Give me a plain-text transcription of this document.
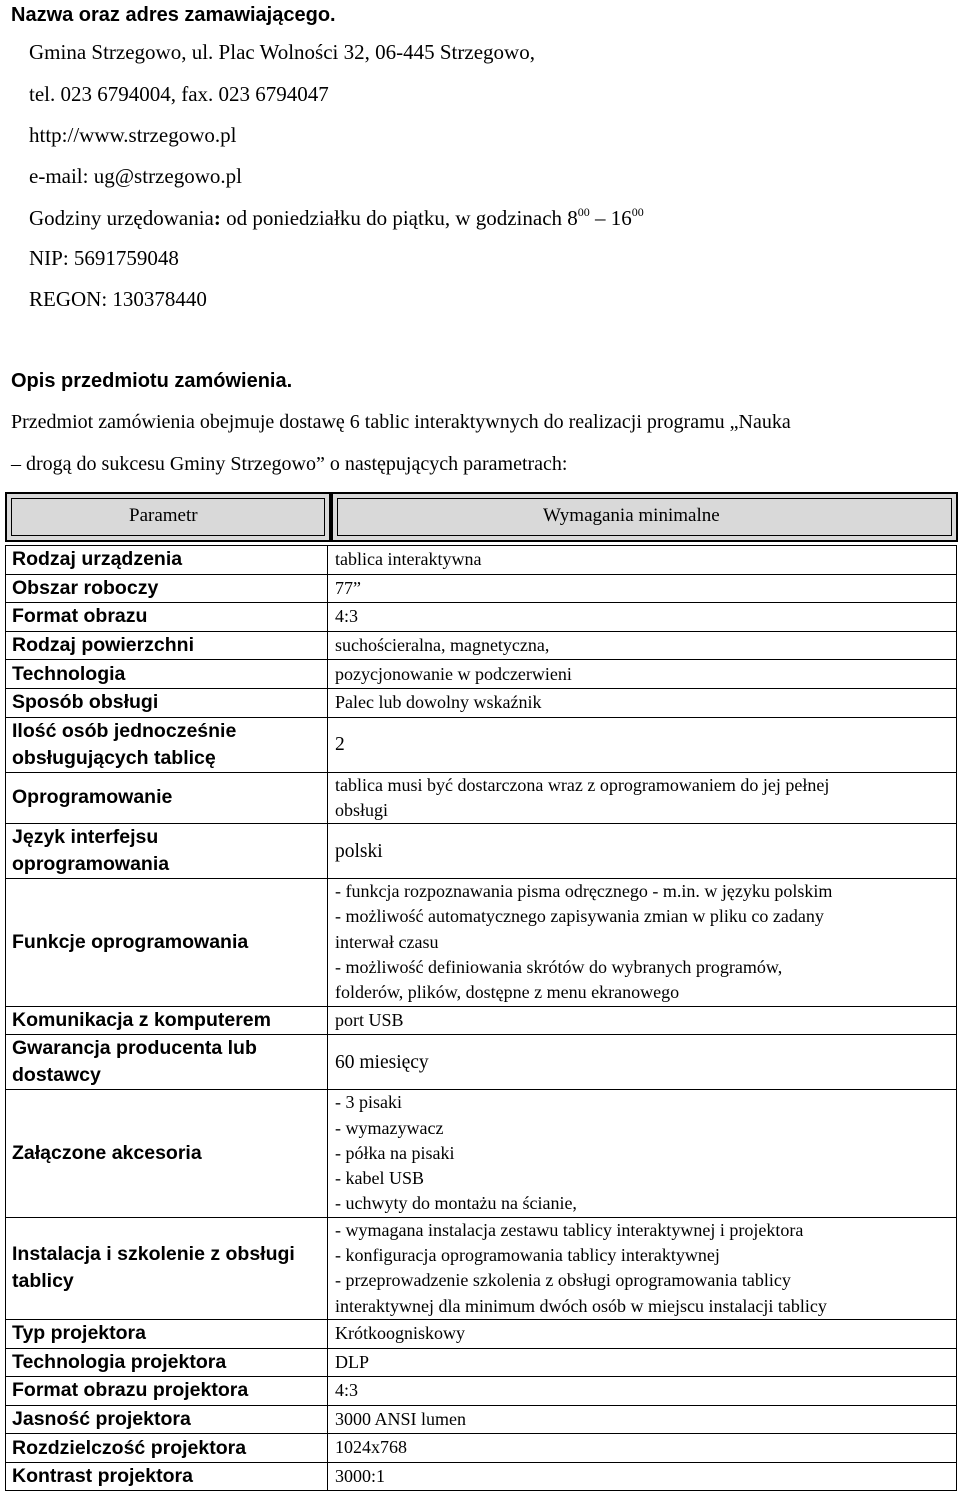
Nazwa oraz adres zamawiającego.
Gmina Strzegowo, ul. Plac Wolności 32, 06-445 Strzegowo,
tel. 023 6794004, fax. 023 6794047
http://www.strzegowo.pl
e-mail: ug@strzegowo.pl
Godziny urzędowania: od poniedziałku do piątku, w godzinach $8^{00} - 16^{00}$
NIP: 5691759048
REGON: 130378440
Opis przedmiotu zamówienia.
Przedmiot zamówienia obejmuje dostawę 6 tablic interaktywnych do realizacji programu „Nauka
– drogą do sukcesu Gminy Strzegowo” o następujących parametrach:
Parametr	Wymagania minimalne
Rodzaj urządzenia	tablica interaktywna

Obszar roboczy	77”

Format obrazu	4:3

Rodzaj powierzchni	suchościeralna, magnetyczna,

Technologia	pozycjonowanie w podczerwieni

Sposób obsługi	Palec lub dowolny wskaźnik

Ilość osób jednocześnie
obsługujących tablicę	2

Oprogramowanie	tablica musi być dostarczona wraz z oprogramowaniem do jej pełnej
obsługi

Język interfejsu
oprogramowania	polski

Funkcje oprogramowania	- funkcja rozpoznawania pisma odręcznego - m.in. w języku polskim
- możliwość automatycznego zapisywania zmian w pliku co zadany
interwał czasu
- możliwość definiowania skrótów do wybranych programów,
folderów, plików, dostępne z menu ekranowego

Komunikacja z komputerem	port USB

Gwarancja producenta lub
dostawcy	60 miesięcy

Załączone akcesoria	- 3 pisaki
- wymazywacz
- półka na pisaki
- kabel USB
- uchwyty do montażu na ścianie,

Instalacja i szkolenie z obsługi
tablicy	- wymagana instalacja zestawu tablicy interaktywnej i projektora
- konfiguracja oprogramowania tablicy interaktywnej
- przeprowadzenie szkolenia z obsługi oprogramowania tablicy
interaktywnej dla minimum dwóch osób w miejscu instalacji tablicy

Typ projektora	Krótkoogniskowy

Technologia projektora	DLP

Format obrazu projektora	4:3

Jasność projektora	3000 ANSI lumen

Rozdzielczość projektora	1024x768

Kontrast projektora	3000:1
